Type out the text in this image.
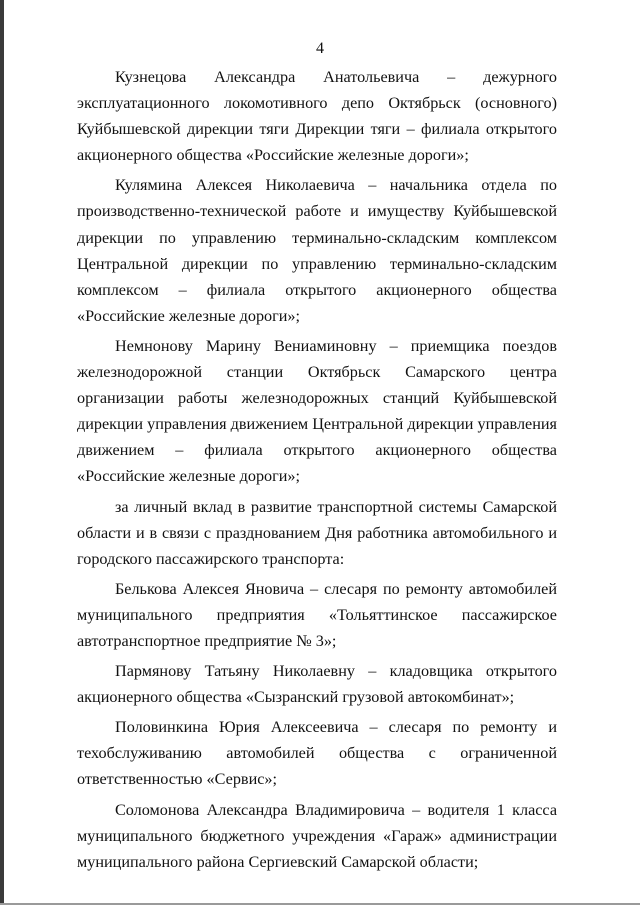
4

Кузнецова Александра Анатольевича – дежурного эксплуатационного локомотивного депо Октябрьск (основного) Куйбышевской дирекции тяги Дирекции тяги – филиала открытого акционерного общества «Российские железные дороги»;

Кулямина Алексея Николаевича – начальника отдела по производственно-технической работе и имуществу Куйбышевской дирекции по управлению терминально-складским комплексом Центральной дирекции по управлению терминально-складским комплексом – филиала открытого акционерного общества «Российские железные дороги»;

Немнонову Марину Вениаминовну – приемщика поездов железнодорожной станции Октябрьск Самарского центра организации работы железнодорожных станций Куйбышевской дирекции управления движением Центральной дирекции управления движением – филиала открытого акционерного общества «Российские железные дороги»;

за личный вклад в развитие транспортной системы Самарской области и в связи с празднованием Дня работника автомобильного и городского пассажирского транспорта:

Белькова Алексея Яновича – слесаря по ремонту автомобилей муниципального предприятия «Тольяттинское пассажирское автотранспортное предприятие № 3»;

Пармянову Татьяну Николаевну – кладовщика открытого акционерного общества «Сызранский грузовой автокомбинат»;

Половинкина Юрия Алексеевича – слесаря по ремонту и техобслуживанию автомобилей общества с ограниченной ответственностью «Сервис»;

Соломонова Александра Владимировича – водителя 1 класса муниципального бюджетного учреждения «Гараж» администрации муниципального района Сергиевский Самарской области;
